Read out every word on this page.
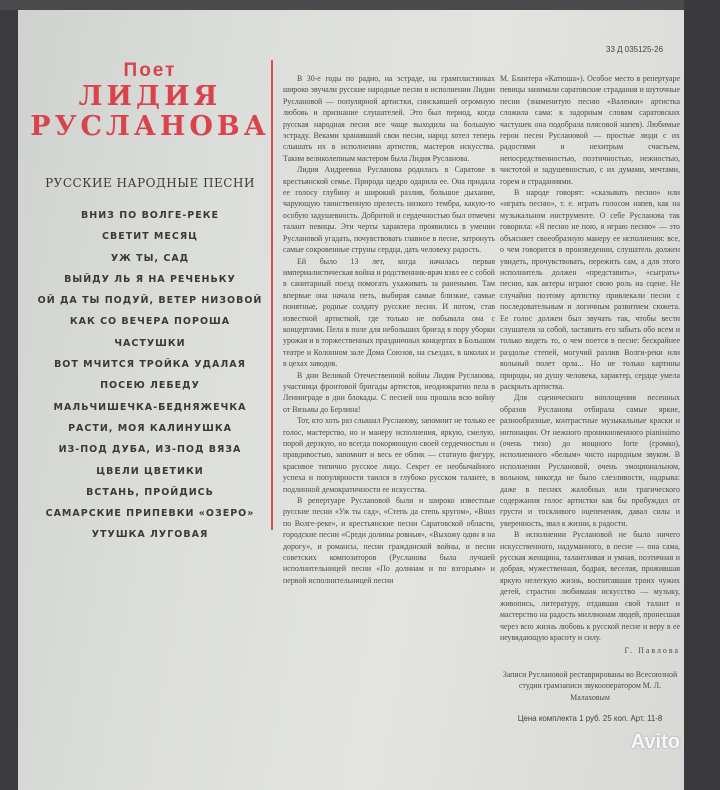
33 Д 035125-26
Поет
ЛИДИЯ
РУСЛАНОВА
РУССКИЕ НАРОДНЫЕ ПЕСНИ
ВНИЗ ПО ВОЛГЕ-РЕКЕ
СВЕТИТ МЕСЯЦ
УЖ ТЫ, САД
ВЫЙДУ ЛЬ Я НА РЕЧЕНЬКУ
ОЙ ДА ТЫ ПОДУЙ, ВЕТЕР НИЗОВОЙ
КАК СО ВЕЧЕРА ПОРОША
ЧАСТУШКИ
ВОТ МЧИТСЯ ТРОЙКА УДАЛАЯ
ПОСЕЮ ЛЕБЕДУ
МАЛЬЧИШЕЧКА-БЕДНЯЖЕЧКА
РАСТИ, МОЯ КАЛИНУШКА
ИЗ-ПОД ДУБА, ИЗ-ПОД ВЯЗА
ЦВЕЛИ ЦВЕТИКИ
ВСТАНЬ, ПРОЙДИСЬ
САМАРСКИЕ ПРИПЕВКИ «ОЗЕРО»
УТУШКА ЛУГОВАЯ

В 30-е годы по радио, на эстраде, на грампластинках широко звучали русские народные песни в исполнении Лидии Руслановой — популярной артистки, снискавшей огромную любовь и признание слушателей. Это был период, когда русская народная песня все чаще выходила на большую эстраду. Веками хранивший свои песни, народ хотел теперь слышать их в исполнении артистов, мастеров искусства. Таким великолепным мастером была Лидия Русланова.

Лидия Андреевна Русланова родилась в Саратове в крестьянской семье. Природа щедро одарила ее. Она придала ее голосу глубину и широкий разлив, большое дыхание, чарующую таинственную прелесть низкого тембра, какую-то особую задушевность. Добротой и сердечностью был отмечен талант певицы. Эти черты характера проявились в умении Руслановой угадать, почувствовать главное в песне, затронуть самые сокровенные струны сердца, дать человеку радость.

Ей было 13 лет, когда началась первая империалистическая война и родственник-врач взял ее с собой в санитарный поезд помогать ухаживать за ранеными. Там впервые она начала петь, выбирая самые близкие, самые понятные, родные солдату русские песни. И потом, став известной артисткой, где только не побывала она с концертами. Пела в поле для небольших бригад в пору уборки урожая и в торжественных праздничных концертах в Большом театре и Колонном зале Дома Союзов, на съездах, в школах и в цехах заводов.

В дни Великой Отечественной войны Лидия Русланова, участница фронтовой бригады артистов, неоднократно пела в Ленинграде в дни блокады. С песней она прошла всю войну от Вязьмы до Берлина!

Тот, кто хоть раз слышал Русланову, запомнит не только ее голос, мастерство, но и манеру исполнения, яркую, смелую, порой дерзкую, но всегда покоряющую своей сердечностью и правдивостью, запомнит и весь ее облик — статную фигуру, красивое типично русское лицо. Секрет ее необычайного успеха и популярности таился в глубоко русском таланте, в подлинной демократичности ее искусства.

В репертуаре Руслановой были и широко известные русские песни «Уж ты сад», «Степь да степь кругом», «Вниз по Волге-реке», и крестьянские песни Саратовской области, городские песни «Среди долины ровныя», «Выхожу один я на дорогу», и романсы, песни гражданской войны, и песни советских композиторов (Русланова была лучшей исполнительницей песни «По долинам и по взгорьям» и первой исполнительницей песни

М. Блантера «Катюша»). Особое место в репертуаре певицы занимали саратовские страдания и шуточные песни (знаменитую песню «Валенки» артистка сложила сама: к задорным словам саратовских частушек она подобрала плясовой напев). Любимые герои песен Руслановой — простые люди с их радостями и нехитрым счастьем, непосредственностью, поэтичностью, нежностью, чистотой и задушевностью, с их думами, мечтами, горем и страданиями.

В народе говорят: «сказывать песню» или «играть песню», т. е. играть голосом напев, как на музыкальном инструменте. О себе Русланова так говорила: «Я песню не пою, я играю песню» — это объясняет своеобразную манеру ее исполнения: все, о чем говорится в произведении, слушатель должен увидеть, прочувствовать, пережить сам, а для этого исполнитель должен «представить», «сыграть» песню, как актеры играют свою роль на сцене. Не случайно поэтому артистку привлекали песни с последовательным и логичным развитием сюжета. Ее голос должен был звучать так, чтобы вести слушателя за собой, заставить его забыть обо всем и только видеть то, о чем поется в песне: бескрайнее раздолье степей, могучий разлив Волги-реки или вольный полет орла... Но не только картины природы, но душу человека, характер, сердце умела раскрыть артистка.

Для сценического воплощения песенных образов Русланова отбирала самые яркие, разнообразные, контрастные музыкальные краски и интонации. От нежного проникновенного pianissimo (очень тихо) до мощного forte (громко), исполненного «белым» чисто народным звуком. В исполнении Руслановой, очень эмоциональном, вольном, никогда не было слезливости, надрыва: даже в песнях жалобных или трагического содержания голос артистки как бы пробуждал от грусти и тоскливого оцепенения, давал силы и уверенность, звал к жизни, к радости.

В исполнении Руслановой не было ничего искусственного, надуманного, в песне — она сама, русская женщина, талантливая и умная, поэтичная и добрая, мужественная, бодрая, веселая, прожившая яркую нелегкую жизнь, воспитавшая троих чужих детей, страстно любившая искусство — музыку, живопись, литературу, отдавшая свой талант и мастерство на радость миллионам людей, пронесшая через всю жизнь любовь к русской песне и веру в ее неувядающую красоту и силу.

Г. Павлова
Записи Руслановой реставрированы во Всесоюзной студии грамзаписи звукооператором М. Л. Малаховым
Цена комплекта 1 руб. 25 коп. Арт. 11-8
Avito
